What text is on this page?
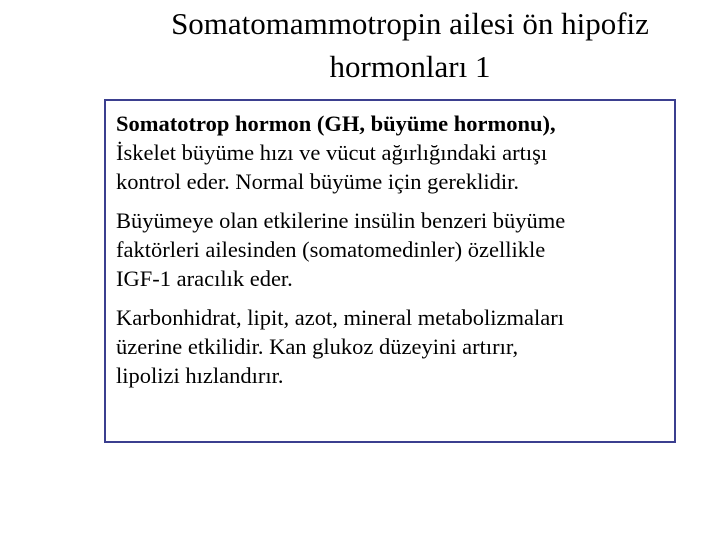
Somatomammotropin ailesi ön hipofiz
hormonları 1

Somatotrop hormon (GH, büyüme hormonu),
İskelet büyüme hızı ve vücut ağırlığındaki artışı
kontrol eder. Normal büyüme için gereklidir.

Büyümeye olan etkilerine insülin benzeri büyüme
faktörleri ailesinden (somatomedinler) özellikle
IGF-1 aracılık eder.

Karbonhidrat, lipit, azot, mineral metabolizmaları
üzerine etkilidir. Kan glukoz düzeyini artırır,
lipolizi hızlandırır.
